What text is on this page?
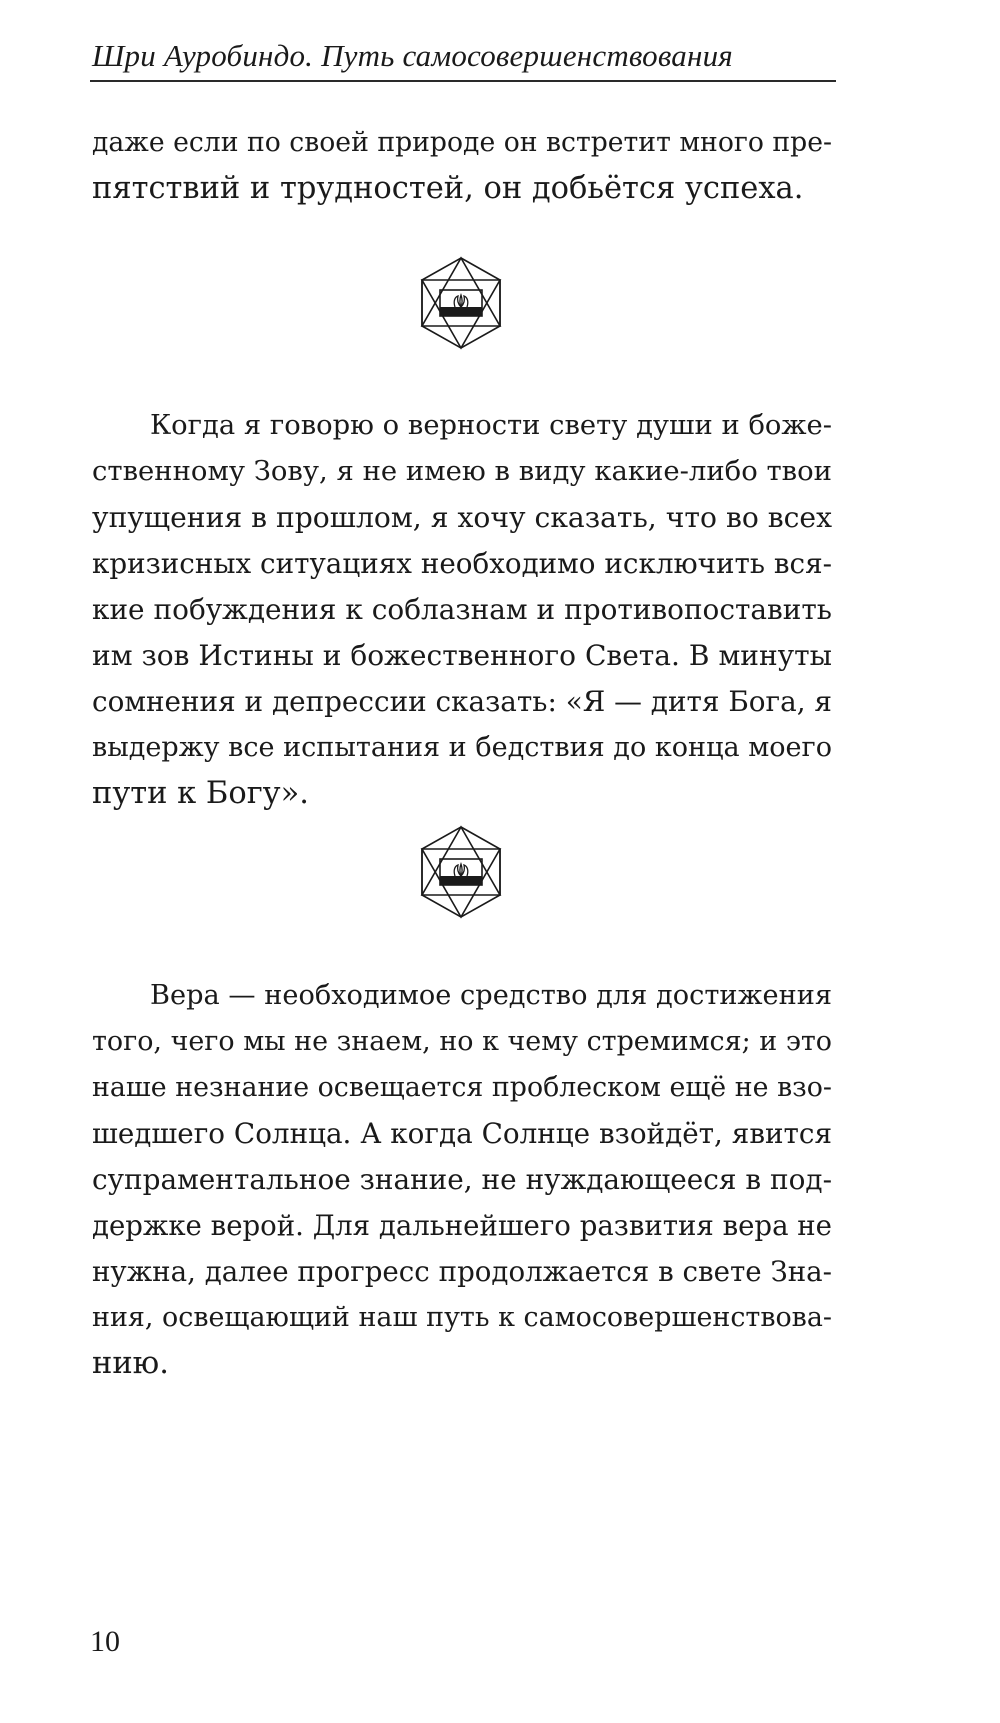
Шри Ауробиндо. Путь самосовершенствования
даже если по своей природе он встретит много пре-
пятствий и трудностей, он добьётся успеха.
Когда я говорю о верности свету души и боже-
ственному Зову, я не имею в виду какие-либо твои
упущения в прошлом, я хочу сказать, что во всех
кризисных ситуациях необходимо исключить вся-
кие побуждения к соблазнам и противопоставить
им зов Истины и божественного Света. В минуты
сомнения и депрессии сказать: «Я — дитя Бога, я
выдержу все испытания и бедствия до конца моего
пути к Богу».
Вера — необходимое средство для достижения
того, чего мы не знаем, но к чему стремимся; и это
наше незнание освещается проблеском ещё не взо-
шедшего Солнца. А когда Солнце взойдёт, явится
супраментальное знание, не нуждающееся в под-
держке верой. Для дальнейшего развития вера не
нужна, далее прогресс продолжается в свете Зна-
ния, освещающий наш путь к самосовершенствова-
нию.
10
